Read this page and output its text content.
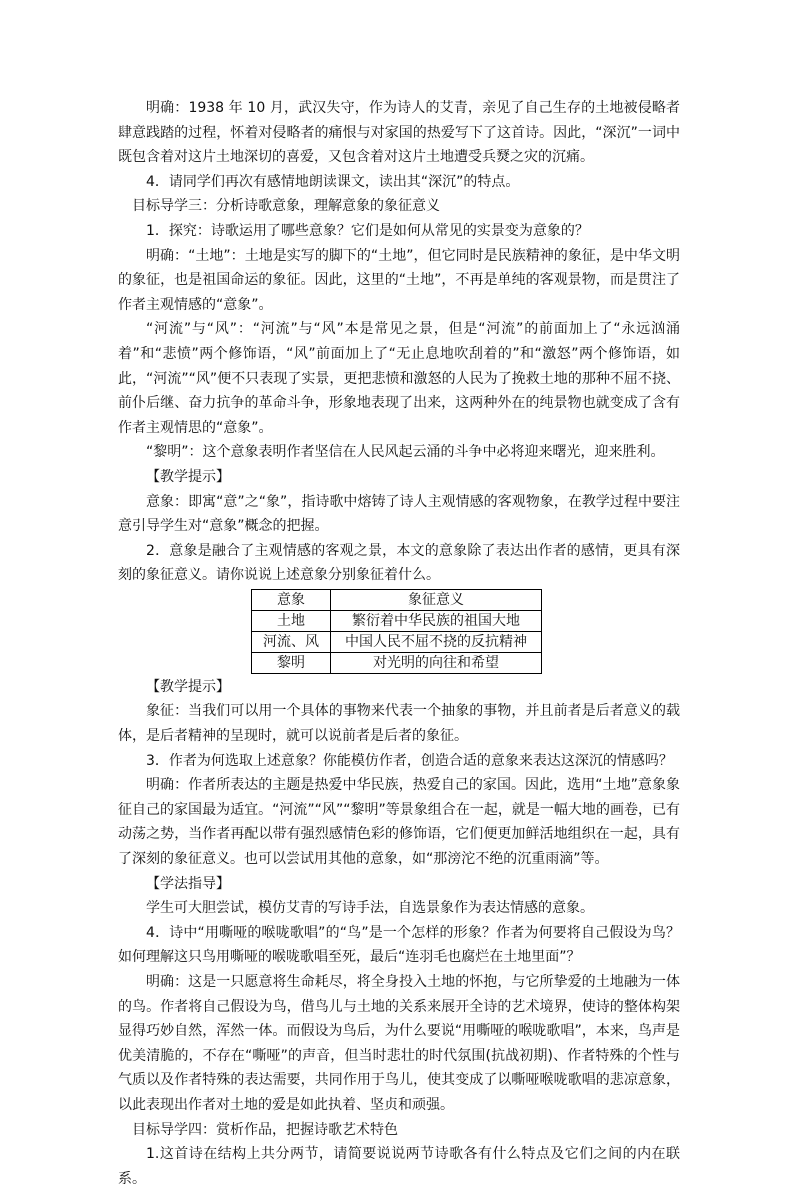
明确：1938 年 10 月，武汉失守，作为诗人的艾青，亲见了自己生存的土地被侵略者肆意践踏的过程，怀着对侵略者的痛恨与对家国的热爱写下了这首诗。因此，“深沉”一词中既包含着对这片土地深切的喜爱，又包含着对这片土地遭受兵燹之灾的沉痛。

4．请同学们再次有感情地朗读课文，读出其“深沉”的特点。

目标导学三：分析诗歌意象，理解意象的象征意义

1．探究：诗歌运用了哪些意象？它们是如何从常见的实景变为意象的？

明确：“土地”：土地是实写的脚下的“土地”，但它同时是民族精神的象征，是中华文明的象征，也是祖国命运的象征。因此，这里的“土地”，不再是单纯的客观景物，而是贯注了作者主观情感的“意象”。

“河流”与“风”：“河流”与“风”本是常见之景，但是“河流”的前面加上了“永远汹涌着”和“悲愤”两个修饰语，“风”前面加上了“无止息地吹刮着的”和“激怒”两个修饰语，如此，“河流”“风”便不只表现了实景，更把悲愤和激怒的人民为了挽救土地的那种不屈不挠、前仆后继、奋力抗争的革命斗争，形象地表现了出来，这两种外在的纯景物也就变成了含有作者主观情思的“意象”。

“黎明”：这个意象表明作者坚信在人民风起云涌的斗争中必将迎来曙光，迎来胜利。

【教学提示】

意象：即寓“意”之“象”，指诗歌中熔铸了诗人主观情感的客观物象，在教学过程中要注意引导学生对“意象”概念的把握。

2．意象是融合了主观情感的客观之景，本文的意象除了表达出作者的感情，更具有深刻的象征意义。请你说说上述意象分别象征着什么。

意象	象征意义
土地	繁衍着中华民族的祖国大地
河流、风	中国人民不屈不挠的反抗精神
黎明	对光明的向往和希望

【教学提示】

象征：当我们可以用一个具体的事物来代表一个抽象的事物，并且前者是后者意义的载体，是后者精神的呈现时，就可以说前者是后者的象征。

3．作者为何选取上述意象？你能模仿作者，创造合适的意象来表达这深沉的情感吗？

明确：作者所表达的主题是热爱中华民族，热爱自己的家国。因此，选用“土地”意象象征自己的家国最为适宜。“河流”“风”“黎明”等景象组合在一起，就是一幅大地的画卷，已有动荡之势，当作者再配以带有强烈感情色彩的修饰语，它们便更加鲜活地组织在一起，具有了深刻的象征意义。也可以尝试用其他的意象，如“那滂沱不绝的沉重雨滴”等。

【学法指导】

学生可大胆尝试，模仿艾青的写诗手法，自选景象作为表达情感的意象。

4．诗中“用嘶哑的喉咙歌唱”的“鸟”是一个怎样的形象？作者为何要将自己假设为鸟？如何理解这只鸟用嘶哑的喉咙歌唱至死，最后“连羽毛也腐烂在土地里面”？

明确：这是一只愿意将生命耗尽，将全身投入土地的怀抱，与它所挚爱的土地融为一体的鸟。作者将自己假设为鸟，借鸟儿与土地的关系来展开全诗的艺术境界，使诗的整体构架显得巧妙自然，浑然一体。而假设为鸟后，为什么要说“用嘶哑的喉咙歌唱”，本来，鸟声是优美清脆的，不存在“嘶哑”的声音，但当时悲壮的时代氛围(抗战初期)、作者特殊的个性与气质以及作者特殊的表达需要，共同作用于鸟儿，使其变成了以嘶哑喉咙歌唱的悲凉意象，以此表现出作者对土地的爱是如此执着、坚贞和顽强。

目标导学四：赏析作品，把握诗歌艺术特色

1.这首诗在结构上共分两节，请简要说说两节诗歌各有什么特点及它们之间的内在联系。
